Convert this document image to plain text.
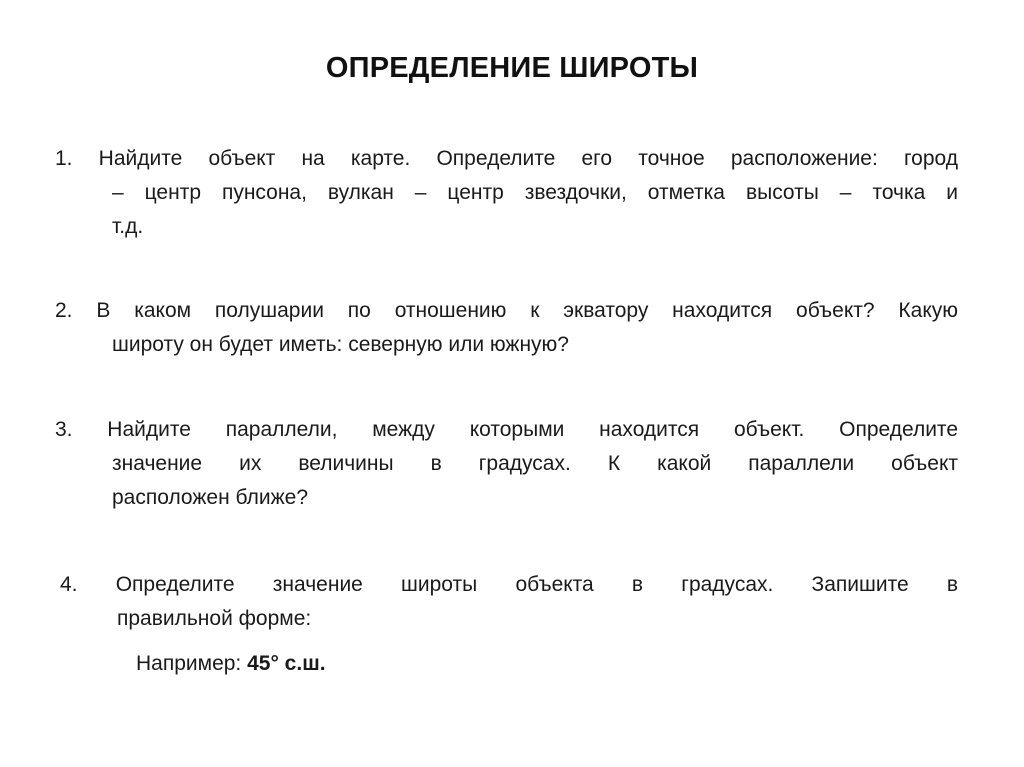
ОПРЕДЕЛЕНИЕ ШИРОТЫ
1. Найдите объект на карте. Определите его точное расположение: город
– центр пунсона, вулкан – центр звездочки, отметка высоты – точка и
т.д.
2. В каком полушарии по отношению к экватору находится объект? Какую
широту он будет иметь: северную или южную?
3. Найдите параллели, между которыми находится объект. Определите
значение их величины в градусах. К какой параллели объект
расположен ближе?
4. Определите значение широты объекта в градусах. Запишите в
правильной форме:
Например: 45° с.ш.
